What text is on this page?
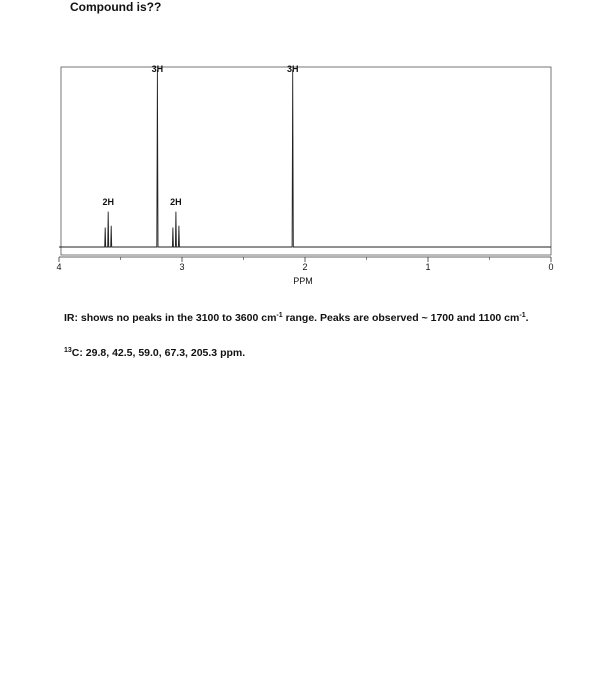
Compound is??
4	3	2	1	0
2H
3H
2H
3H
PPM
IR: shows no peaks in the 3100 to 3600 $cm^{-1}$ range. Peaks are observed ~ 1700 and 1100 $cm^{-1}$.
$^{13}$C: 29.8, 42.5, 59.0, 67.3, 205.3 ppm.
